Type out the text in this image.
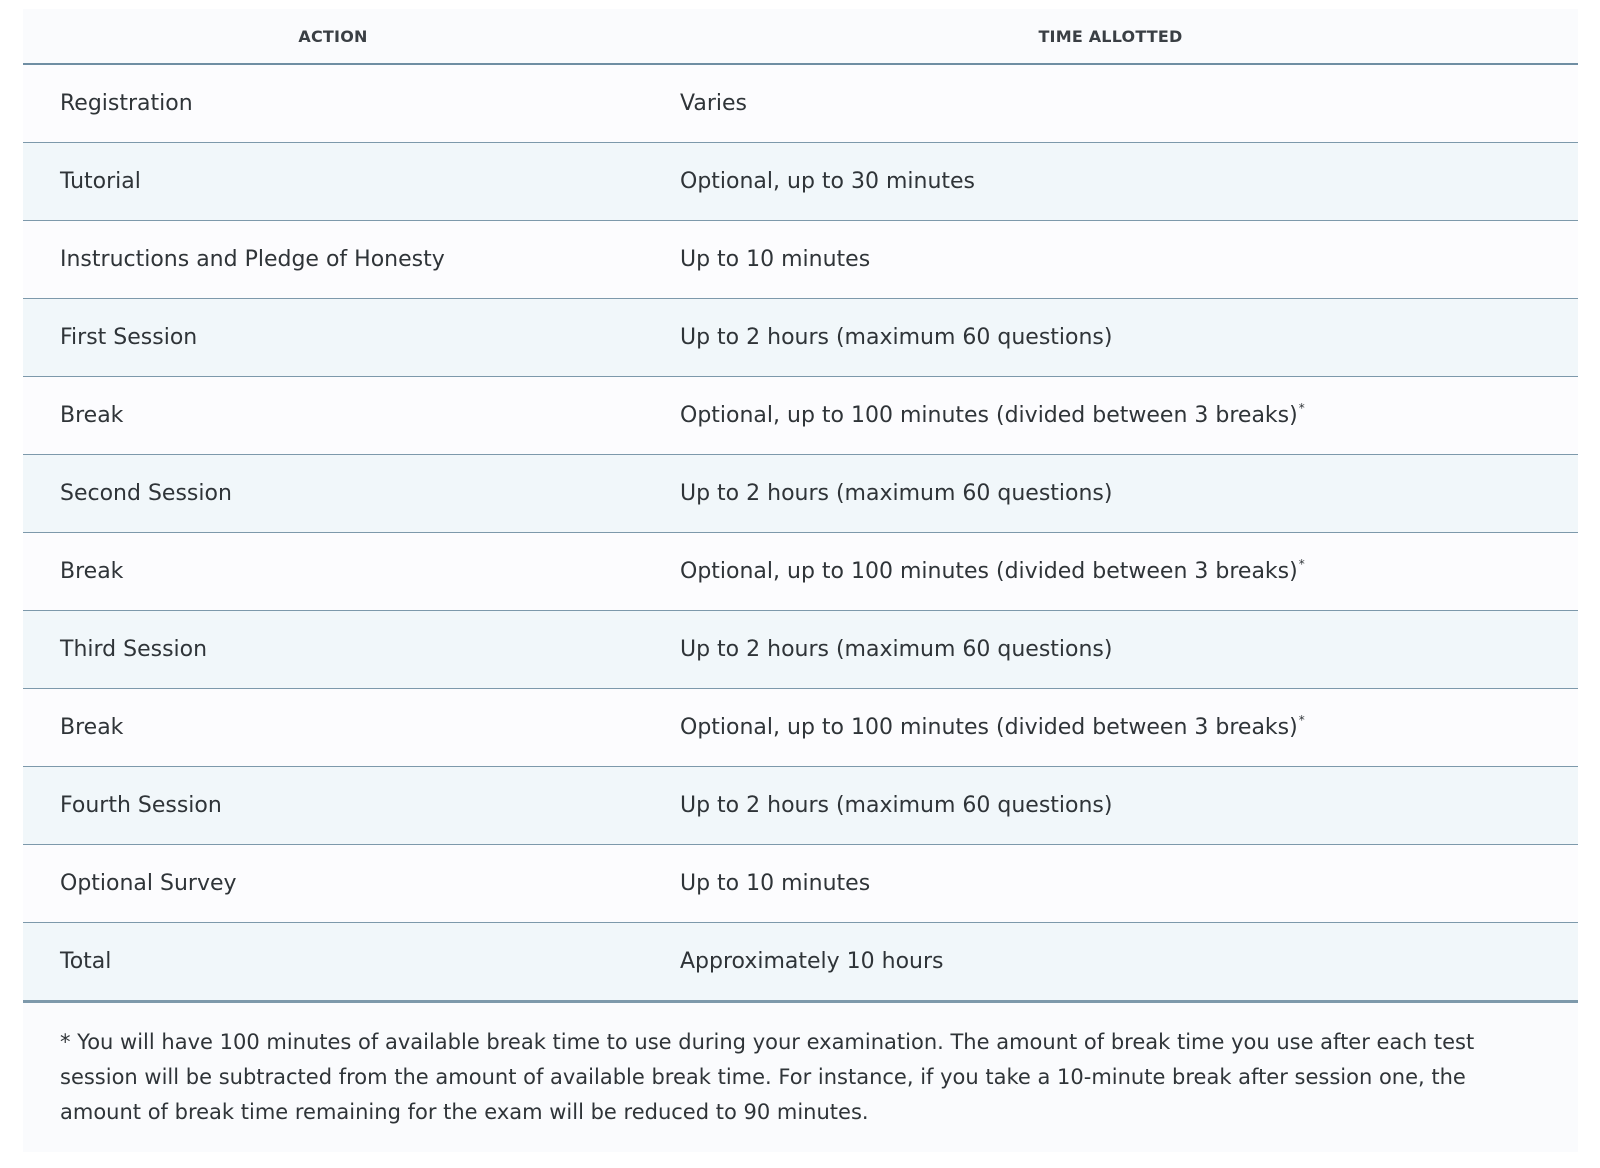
ACTION	TIME ALLOTTED
Registration	Varies
Tutorial	Optional, up to 30 minutes
Instructions and Pledge of Honesty	Up to 10 minutes
First Session	Up to 2 hours (maximum 60 questions)
Break	Optional, up to 100 minutes (divided between 3 breaks)*
Second Session	Up to 2 hours (maximum 60 questions)
Break	Optional, up to 100 minutes (divided between 3 breaks)*
Third Session	Up to 2 hours (maximum 60 questions)
Break	Optional, up to 100 minutes (divided between 3 breaks)*
Fourth Session	Up to 2 hours (maximum 60 questions)
Optional Survey	Up to 10 minutes
Total	Approximately 10 hours
* You will have 100 minutes of available break time to use during your examination. The amount of break time you use after each test session will be subtracted from the amount of available break time. For instance, if you take a 10-minute break after session one, the amount of break time remaining for the exam will be reduced to 90 minutes.
